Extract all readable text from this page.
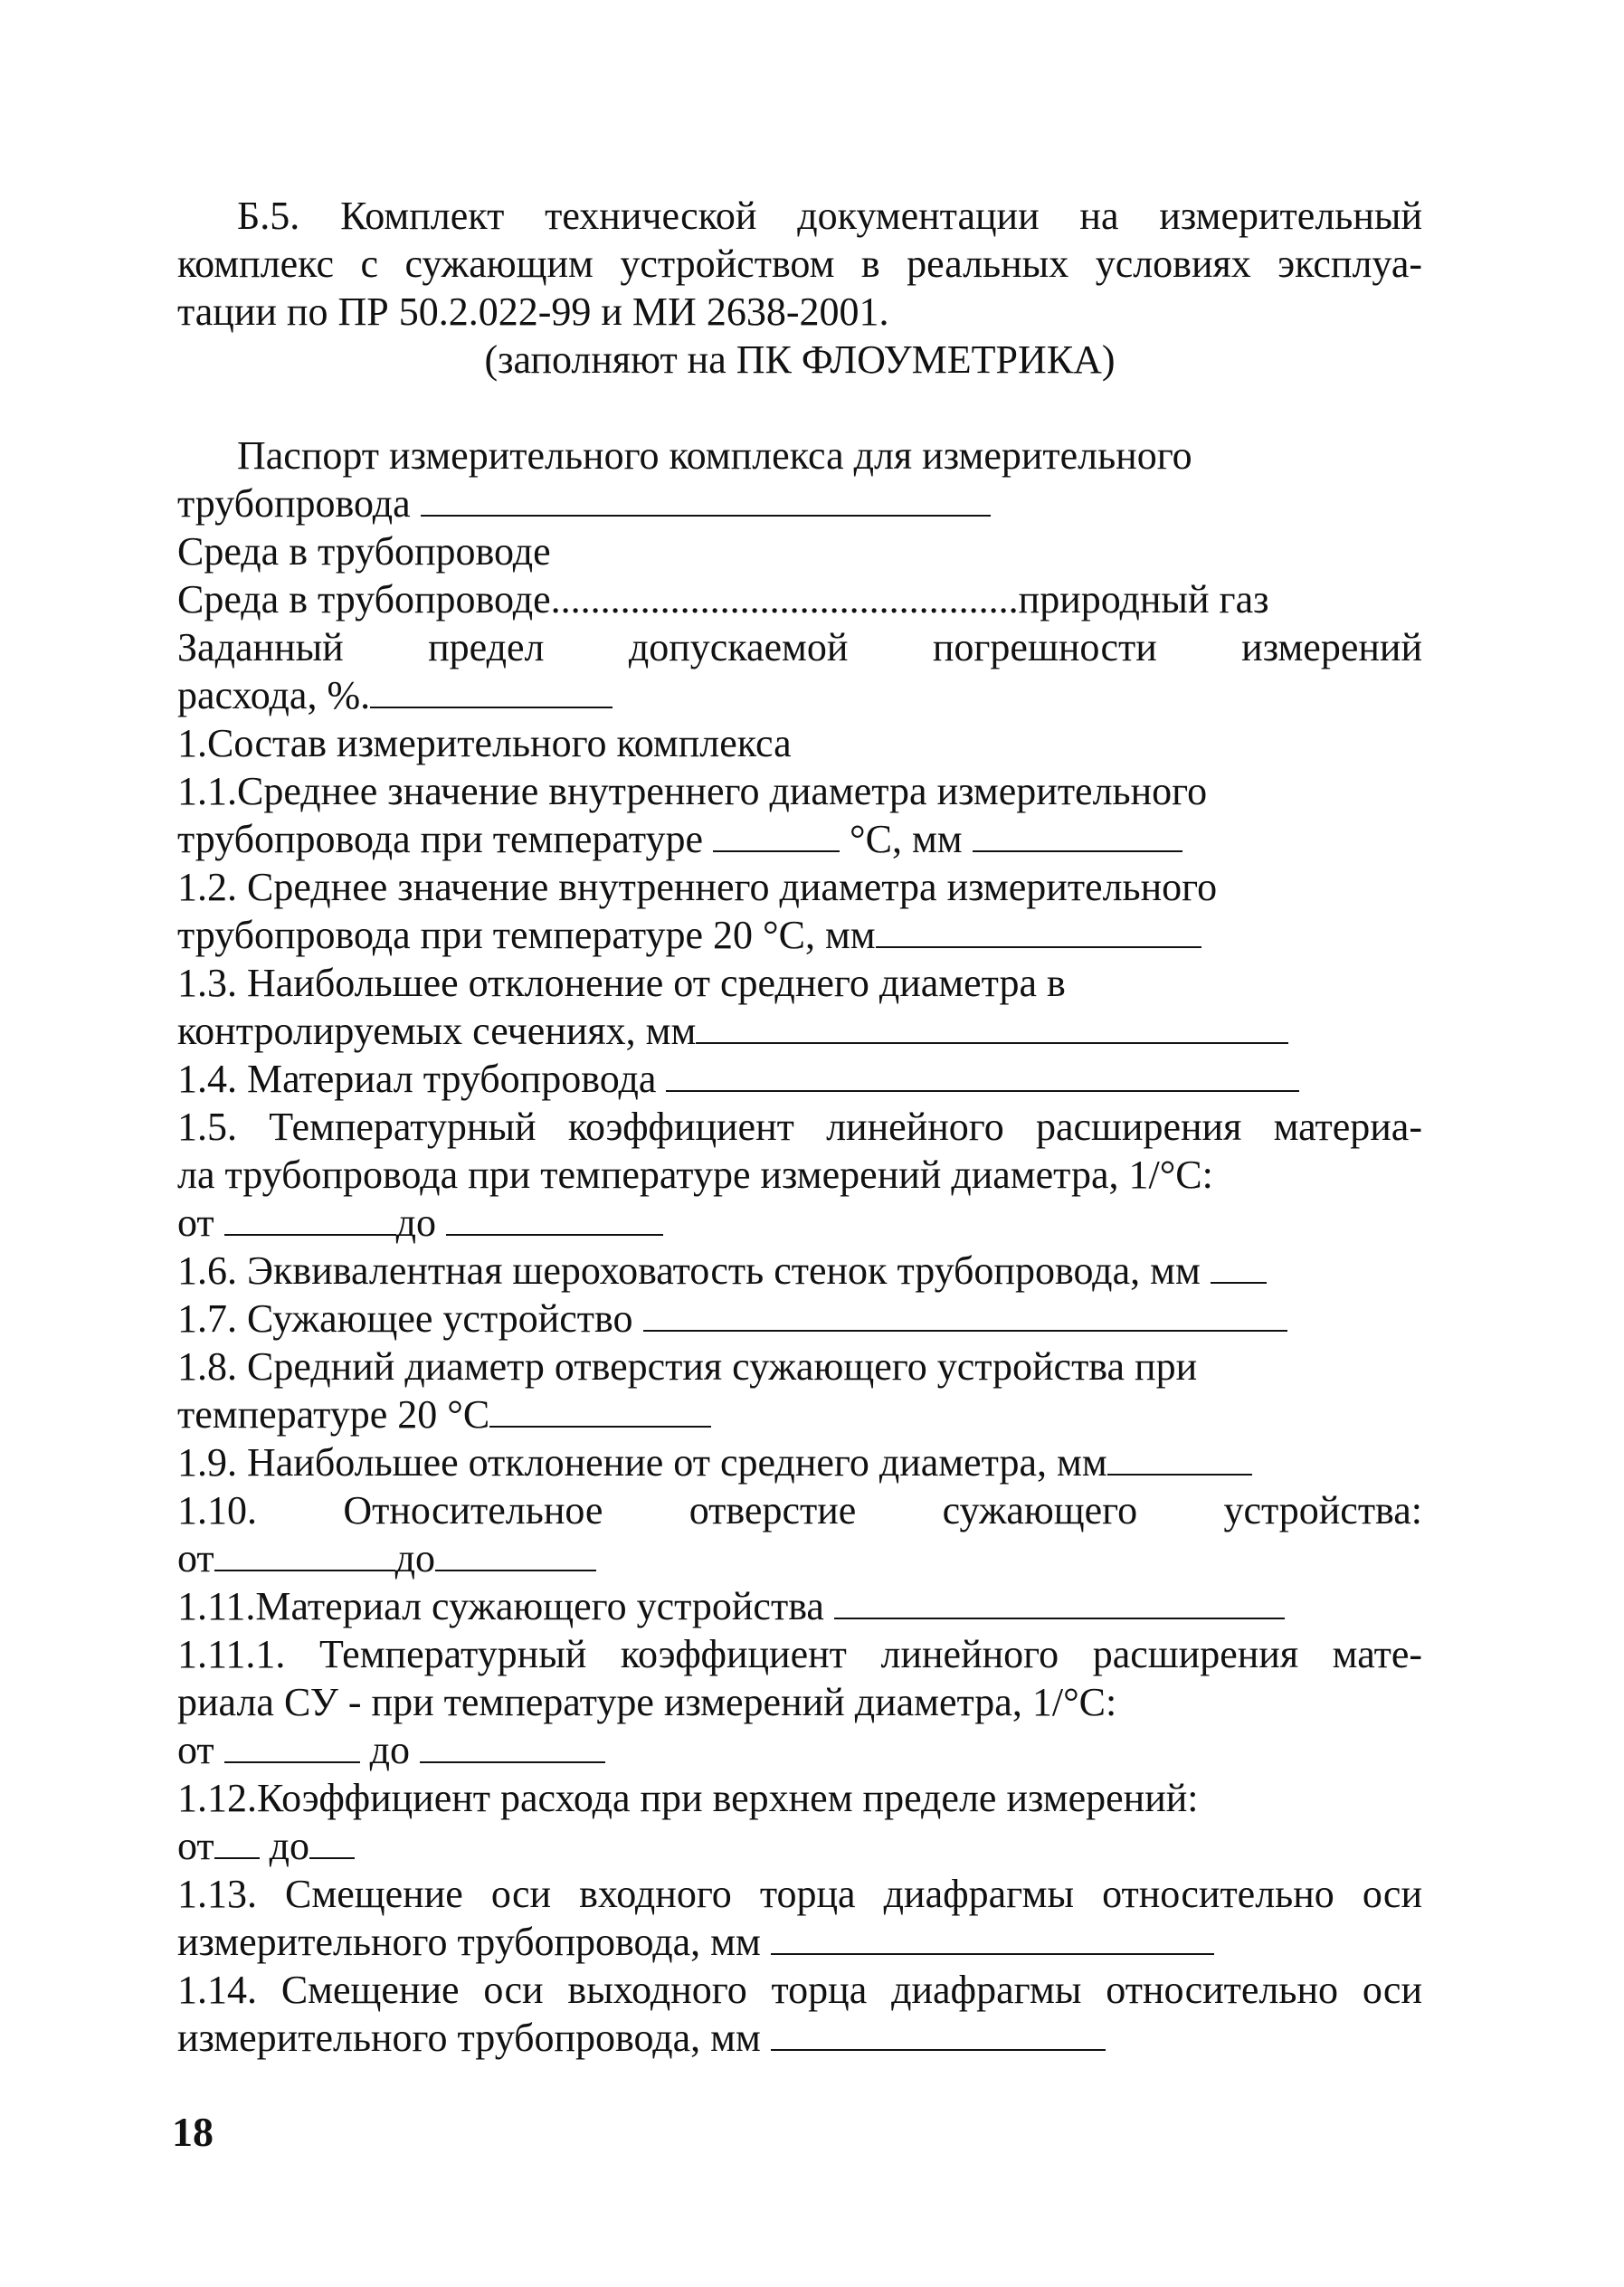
Б.5. Комплект технической документации на измерительный

комплекс с сужающим устройством в реальных условиях эксплуа-

тации по ПР 50.2.022-99 и МИ 2638-2001.

(заполняют на ПК ФЛОУМЕТРИКА)

Паспорт измерительного комплекса для измерительного

трубопровода

Среда в трубопроводе

Среда в трубопроводе...............................................природный газ

Заданный предел допускаемой погрешности измерений

расхода, %.

1.Состав измерительного комплекса

1.1.Среднее значение внутреннего диаметра измерительного

трубопровода при температуре	°С, мм

1.2. Среднее значение внутреннего диаметра измерительного

трубопровода при температуре 20 °С, мм

1.3. Наибольшее отклонение от среднего диаметра в

контролируемых сечениях, мм

1.4. Материал трубопровода

1.5. Температурный коэффициент линейного расширения материа-

ла трубопровода при температуре измерений диаметра, 1/°С:

от	до

1.6. Эквивалентная шероховатость стенок трубопровода, мм

1.7. Сужающее устройство

1.8. Средний диаметр отверстия сужающего устройства при

температуре 20 °С

1.9. Наибольшее отклонение от среднего диаметра, мм

1.10. Относительное отверстие сужающего устройства:

от	до

1.11.Материал сужающего устройства

1.11.1. Температурный коэффициент линейного расширения мате-

риала СУ - при температуре измерений диаметра, 1/°С:

от	до

1.12.Коэффициент расхода при верхнем пределе измерений:

от до

1.13. Смещение оси входного торца диафрагмы относительно оси

измерительного трубопровода, мм

1.14. Смещение оси выходного торца диафрагмы относительно оси

измерительного трубопровода, мм

18
